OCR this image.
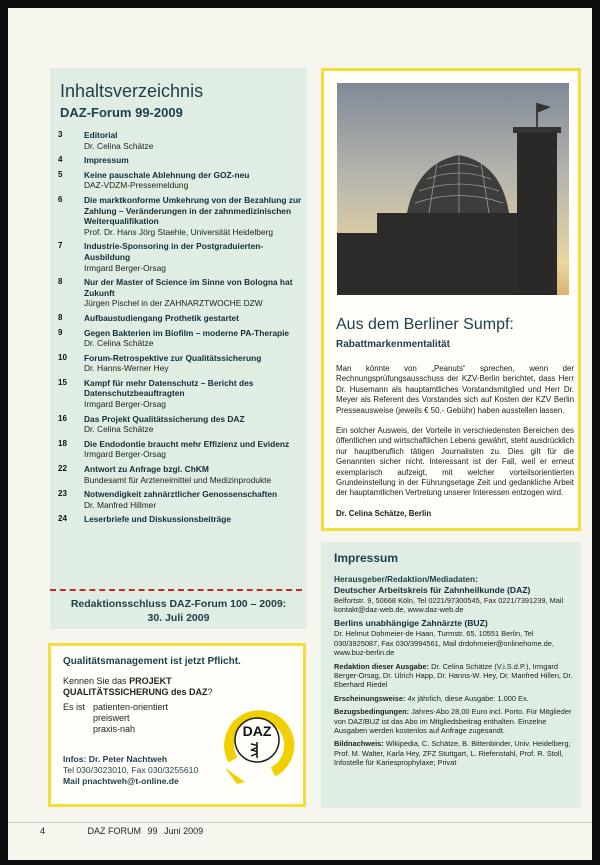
Inhaltsverzeichnis
DAZ-Forum 99-2009
3	Editorial
Dr. Celina Schätze
4	Impressum
5	Keine pauschale Ablehnung der GOZ-neu
DAZ-VDZM-Pressemeldung
6	Die marktkonforme Umkehrung von der Bezahlung zur Zahlung – Veränderungen in der zahnmedizinischen Weiterqualifikation
Prof. Dr. Hans Jörg Staehle, Universität Heidelberg
7	Industrie-Sponsoring in der Postgraduierten-Ausbildung
Irmgard Berger-Orsag
8	Nur der Master of Science im Sinne von Bologna hat Zukunft
Jürgen Pischel in der ZAHNARZTWOCHE DZW
8	Aufbaustudiengang Prothetik gestartet
9	Gegen Bakterien im Biofilm – moderne PA-Therapie
Dr. Celina Schätze
10	Forum-Retrospektive zur Qualitätssicherung
Dr. Hanns-Werner Hey
15	Kampf für mehr Datenschutz – Bericht des Datenschutzbeauftragten
Irmgard Berger-Orsag
16	Das Projekt Qualitätssicherung des DAZ
Dr. Celina Schätze
18	Die Endodontie braucht mehr Effizienz und Evidenz
Irmgard Berger-Orsag
22	Antwort zu Anfrage bzgl. ChKM
Bundesamt für Arzteneimittel und Medizinprodukte
23	Notwendigkeit zahnärztlicher Genossenschaften
Dr. Manfred Hillmer
24	Leserbriefe und Diskussionsbeiträge
Redaktionsschluss DAZ-Forum 100 – 2009:
30. Juli 2009
Aus dem Berliner Sumpf:
Rabattmarkenmentalität

Man könnte von „Peanuts“ sprechen, wenn der Rechnungsprüfungsausschuss der KZV-Berlin berichtet, dass Herr Dr. Husemann als hauptamtliches Vorstandsmitglied und Herr Dr. Meyer als Referent des Vorstandes sich auf Kosten der KZV Berlin Presseausweise (jeweils € 50.- Gebühr) haben ausstellen lassen.

Ein solcher Ausweis, der Vorteile in verschiedensten Bereichen des öffentlichen und wirtschaftlichen Lebens gewährt, steht ausdrücklich nur hauptberuflich tätigen Journalisten zu. Dies gilt für die Genannten sicher nicht. Interessant ist der Fall, weil er erneut exemplarisch aufzeigt, mit welcher vorteilsorientierten Grundeinstellung in der Führungsetage Zeit und gedankliche Arbeit der hauptamtlichen Vertretung unserer Interessen entzogen wird.

Dr. Celina Schätze, Berlin

Impressum
Herausgeber/Redaktion/Mediadaten:
Deutscher Arbeitskreis für Zahnheilkunde (DAZ)
Belfortstr. 9, 50668 Köln, Tel 0221/97300545, Fax 0221/7391239, Mail kontakt@daz-web.de, www.daz-web.de
Berlins unabhängige Zahnärzte (BUZ)
Dr. Helmut Dohmeier-de Haan, Turmstr. 65, 10551 Berlin, Tel 030/3925087, Fax 030/3994561, Mail drdohmeier@onlinehome.de, www.buz-berlin.de
Redaktion dieser Ausgabe: Dr. Celina Schätze (V.i.S.d.P.), Irmgard Berger-Orsag, Dr. Ulrich Happ, Dr. Hanns-W. Hey, Dr. Manfred Hillen, Dr. Eberhard Riedel
Erscheinungsweise: 4x jährlich, diese Ausgabe: 1.000 Ex.
Bezugsbedingungen: Jahres-Abo 28,00 Euro incl. Porto. Für Mitglieder von DAZ/BUZ ist das Abo im Mitgliedsbeitrag enthalten. Einzelne Ausgaben werden kostenlos auf Anfrage zugesandt.
Bildnachweis: Wikipedia, C. Schätze, B. Bittenbinder, Univ. Heidelberg; Prof. M. Walter, Karla Hey, ZFZ Stuttgart, L. Riefenstahl, Prof. R. Stoll, Infostelle für Kariesprophylaxe; Privat
Qualitätsmanagement ist jetzt Pflicht.
Kennen Sie das PROJEKT QUALITÄTSSICHERUNG des DAZ?
Es ist patienten-orientiert
preiswert
praxis-nah
Infos: Dr. Peter Nachtweh
Tel 030/3023010, Fax 030/3255610
Mail pnachtweh@t-online.de
DAZ
4	DAZ FORUM 99 Juni 2009
